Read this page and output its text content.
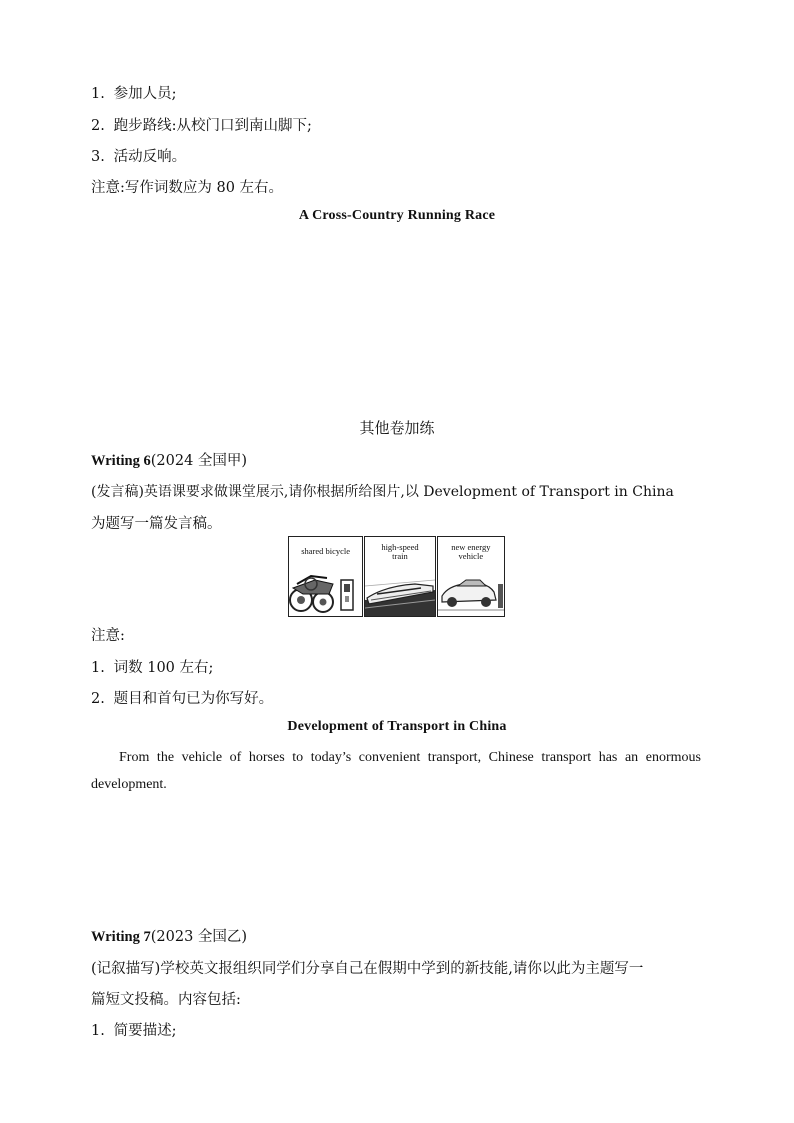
1. 参加人员;
2. 跑步路线:从校门口到南山脚下;
3. 活动反响。
注意:写作词数应为 80 左右。
A Cross-Country Running Race
其他卷加练
Writing 6(2024 全国甲)
(发言稿)英语课要求做课堂展示,请你根据所给图片,以 Development of Transport in China
为题写一篇发言稿。
shared bicycle	high-speed
train
new energy
vehicle
注意:
1. 词数 100 左右;
2. 题目和首句已为你写好。
Development of Transport in China
From the vehicle of horses to today’s convenient transport, Chinese transport has an enormous development.
Writing 7(2023 全国乙)
(记叙描写)学校英文报组织同学们分享自己在假期中学到的新技能,请你以此为主题写一
篇短文投稿。内容包括:
1. 简要描述;
